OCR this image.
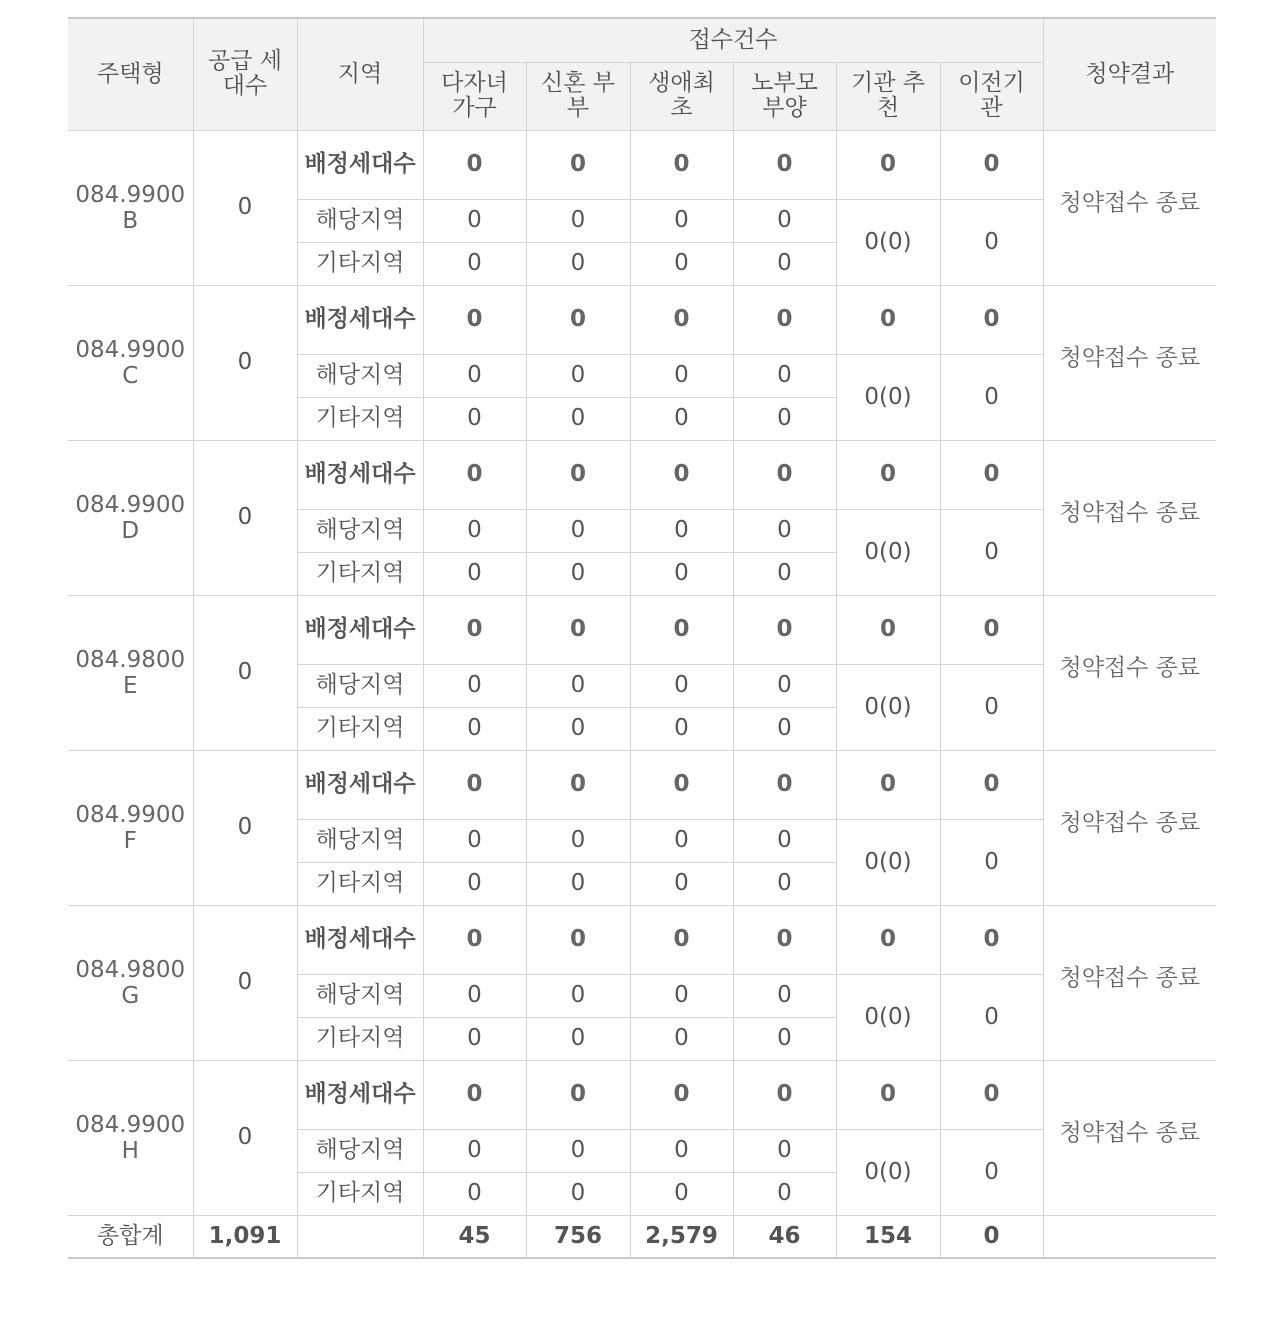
주택형	공급 세대수	지역	접수건수						청약결과
			다자녀 가구	신혼 부부	생애최 초	노부모 부양	기관 추천	이전기 관	
084.9900 B	0	배정세대수	0	0	0	0	0	0	청약접수 종료
		해당지역	0	0	0	0	0(0)	0	
		기타지역	0	0	0	0			
084.9900 C	0	배정세대수	0	0	0	0	0	0	청약접수 종료
		해당지역	0	0	0	0	0(0)	0	
		기타지역	0	0	0	0			
084.9900 D	0	배정세대수	0	0	0	0	0	0	청약접수 종료
		해당지역	0	0	0	0	0(0)	0	
		기타지역	0	0	0	0			
084.9800 E	0	배정세대수	0	0	0	0	0	0	청약접수 종료
		해당지역	0	0	0	0	0(0)	0	
		기타지역	0	0	0	0			
084.9900 F	0	배정세대수	0	0	0	0	0	0	청약접수 종료
		해당지역	0	0	0	0	0(0)	0	
		기타지역	0	0	0	0			
084.9800 G	0	배정세대수	0	0	0	0	0	0	청약접수 종료
		해당지역	0	0	0	0	0(0)	0	
		기타지역	0	0	0	0			
084.9900 H	0	배정세대수	0	0	0	0	0	0	청약접수 종료
		해당지역	0	0	0	0	0(0)	0	
		기타지역	0	0	0	0			
총합계	1,091		45	756	2,579	46	154	0	
